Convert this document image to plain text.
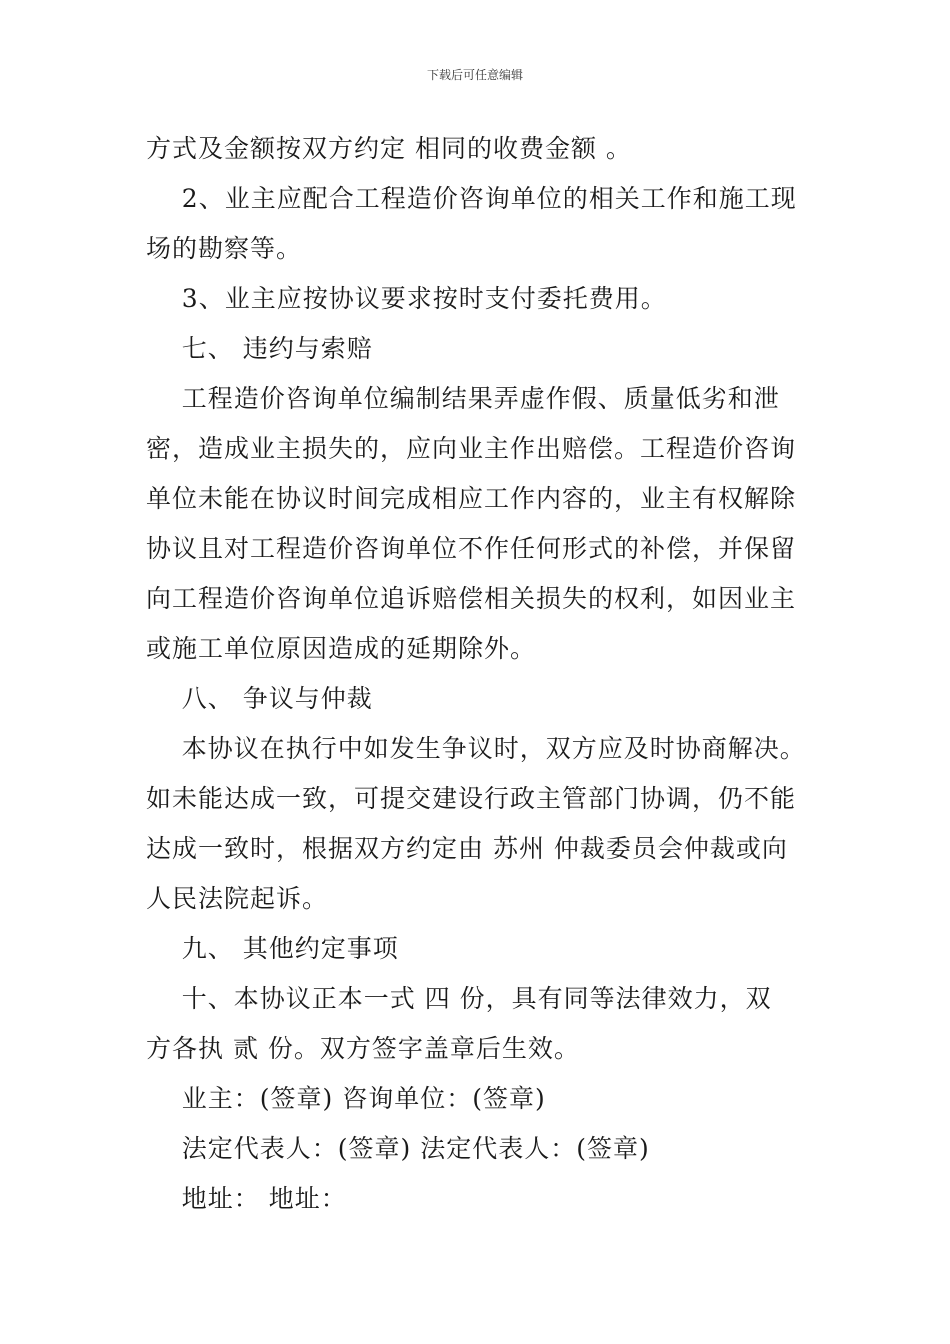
下载后可任意编辑
方式及金额按双方约定 相同的收费金额 。
2、业主应配合工程造价咨询单位的相关工作和施工现
场的勘察等。
3、业主应按协议要求按时支付委托费用。
七、 违约与索赔
工程造价咨询单位编制结果弄虚作假、质量低劣和泄
密，造成业主损失的，应向业主作出赔偿。工程造价咨询
单位未能在协议时间完成相应工作内容的，业主有权解除
协议且对工程造价咨询单位不作任何形式的补偿，并保留
向工程造价咨询单位追诉赔偿相关损失的权利，如因业主
或施工单位原因造成的延期除外。
八、 争议与仲裁
本协议在执行中如发生争议时，双方应及时协商解决。
如未能达成一致，可提交建设行政主管部门协调，仍不能
达成一致时，根据双方约定由 苏州 仲裁委员会仲裁或向
人民法院起诉。
九、 其他约定事项
十、本协议正本一式 四 份，具有同等法律效力，双
方各执 贰 份。双方签字盖章后生效。
业主：(签章) 咨询单位：(签章)
法定代表人：(签章) 法定代表人：(签章)
地址： 地址：
